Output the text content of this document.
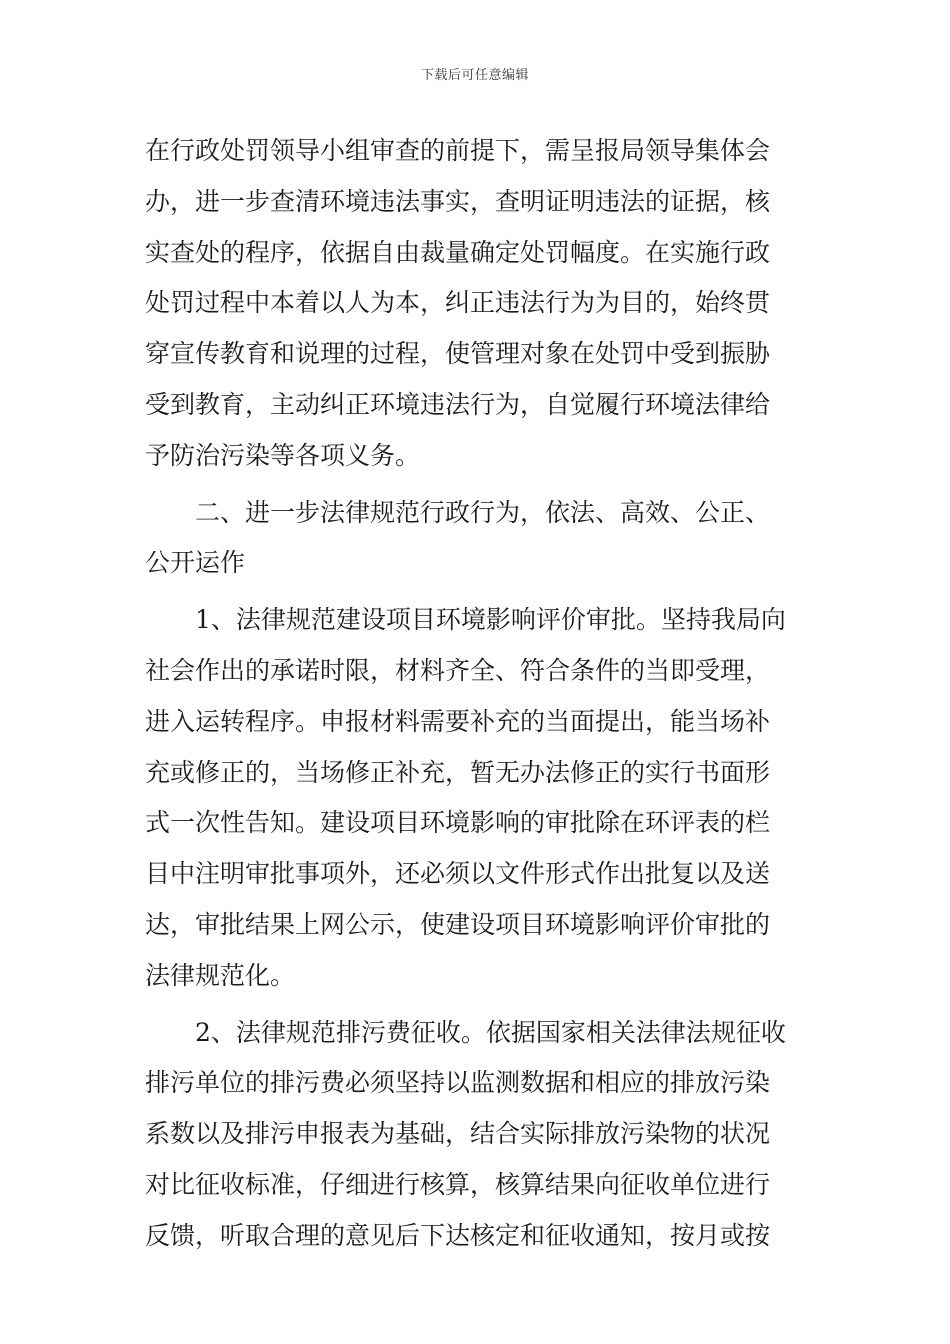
下载后可任意编辑
在行政处罚领导小组审查的前提下，需呈报局领导集体会
办，进一步查清环境违法事实，查明证明违法的证据，核
实查处的程序，依据自由裁量确定处罚幅度。在实施行政
处罚过程中本着以人为本，纠正违法行为为目的，始终贯
穿宣传教育和说理的过程，使管理对象在处罚中受到振胁
受到教育，主动纠正环境违法行为，自觉履行环境法律给
予防治污染等各项义务。
二、进一步法律规范行政行为，依法、高效、公正、
公开运作
1、法律规范建设项目环境影响评价审批。坚持我局向
社会作出的承诺时限，材料齐全、符合条件的当即受理，
进入运转程序。申报材料需要补充的当面提出，能当场补
充或修正的，当场修正补充，暂无办法修正的实行书面形
式一次性告知。建设项目环境影响的审批除在环评表的栏
目中注明审批事项外，还必须以文件形式作出批复以及送
达，审批结果上网公示，使建设项目环境影响评价审批的
法律规范化。
2、法律规范排污费征收。依据国家相关法律法规征收
排污单位的排污费必须坚持以监测数据和相应的排放污染
系数以及排污申报表为基础，结合实际排放污染物的状况
对比征收标准，仔细进行核算，核算结果向征收单位进行
反馈，听取合理的意见后下达核定和征收通知，按月或按
